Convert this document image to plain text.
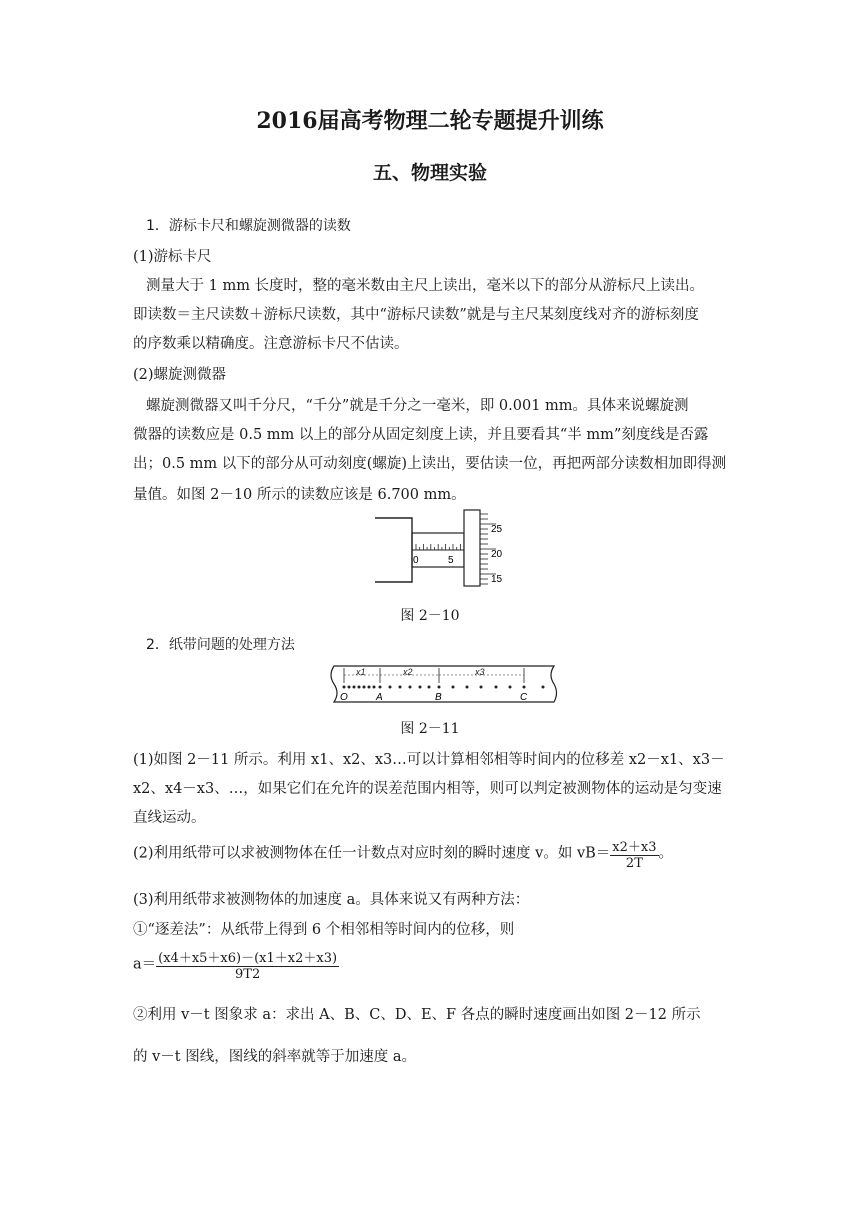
2016届高考物理二轮专题提升训练
五、物理实验
1．游标卡尺和螺旋测微器的读数
(1)游标卡尺
测量大于 1 mm 长度时，整的毫米数由主尺上读出，毫米以下的部分从游标尺上读出。
即读数＝主尺读数＋游标尺读数，其中“游标尺读数”就是与主尺某刻度线对齐的游标刻度
的序数乘以精确度。注意游标卡尺不估读。
(2)螺旋测微器
螺旋测微器又叫千分尺，“千分”就是千分之一毫米，即 0.001 mm。具体来说螺旋测
微器的读数应是 0.5 mm 以上的部分从固定刻度上读，并且要看其“半 mm”刻度线是否露
出；0.5 mm 以下的部分从可动刻度(螺旋)上读出，要估读一位，再把两部分读数相加即得测
量值。如图 2－10 所示的读数应该是 6.700 mm。
0	5
25
20
15
图 2－10
2．纸带问题的处理方法
x1	x2	x3
O	A	B	C
图 2－11
(1)如图 2－11 所示。利用 x1、x2、x3…可以计算相邻相等时间内的位移差 x2－x1、x3－
x2、x4－x3、…，如果它们在允许的误差范围内相等，则可以判定被测物体的运动是匀变速
直线运动。
(2)利用纸带可以求被测物体在任一计数点对应时刻的瞬时速度 v。如 $vB= \frac{x2+x3}{2T}$ 。
(3)利用纸带求被测物体的加速度 a。具体来说又有两种方法：
①“逐差法”：从纸带上得到 6 个相邻相等时间内的位移，则
$a= \frac{(x4+x5+x6)-(x1+x2+x3)}{9T2}$
②利用 v－t 图象求 a：求出 A、B、C、D、E、F 各点的瞬时速度画出如图 2－12 所示
的 v－t 图线，图线的斜率就等于加速度 a。
